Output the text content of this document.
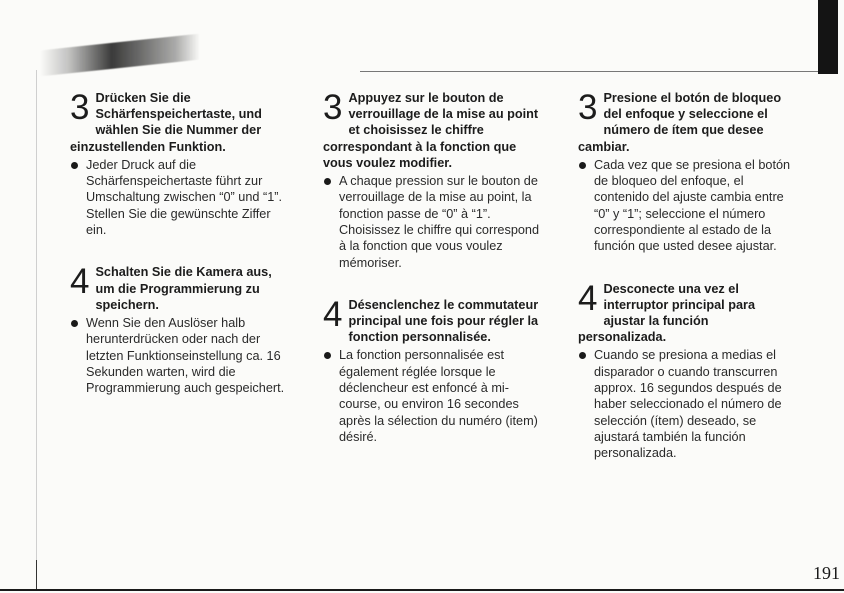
3 Drücken Sie die Schärfenspeichertaste, und wählen Sie die Nummer der einzustellenden Funktion.

Jeder Druck auf die Schärfenspeichertaste führt zur Umschaltung zwischen “0” und “1”. Stellen Sie die gewünschte Ziffer ein.

4 Schalten Sie die Kamera aus, um die Programmierung zu speichern.

Wenn Sie den Auslöser halb herunterdrücken oder nach der letzten Funktionseinstellung ca. 16 Sekunden warten, wird die Programmierung auch gespeichert.

3 Appuyez sur le bouton de verrouillage de la mise au point et choisissez le chiffre correspondant à la fonction que vous voulez modifier.

A chaque pression sur le bouton de verrouillage de la mise au point, la fonction passe de “0” à “1”. Choisissez le chiffre qui correspond à la fonction que vous voulez mémoriser.

4 Désenclenchez le commutateur principal une fois pour régler la fonction personnalisée.

La fonction personnalisée est également réglée lorsque le déclencheur est enfoncé à mi-course, ou environ 16 secondes après la sélection du numéro (item) désiré.

3 Presione el botón de bloqueo del enfoque y seleccione el número de ítem que desee cambiar.

Cada vez que se presiona el botón de bloqueo del enfoque, el contenido del ajuste cambia entre “0” y “1”; seleccione el número correspondiente al estado de la función que usted desee ajustar.

4 Desconecte una vez el interruptor principal para ajustar la función personalizada.

Cuando se presiona a medias el disparador o cuando transcurren approx. 16 segundos después de haber seleccionado el número de selección (ítem) deseado, se ajustará también la función personalizada.
191
